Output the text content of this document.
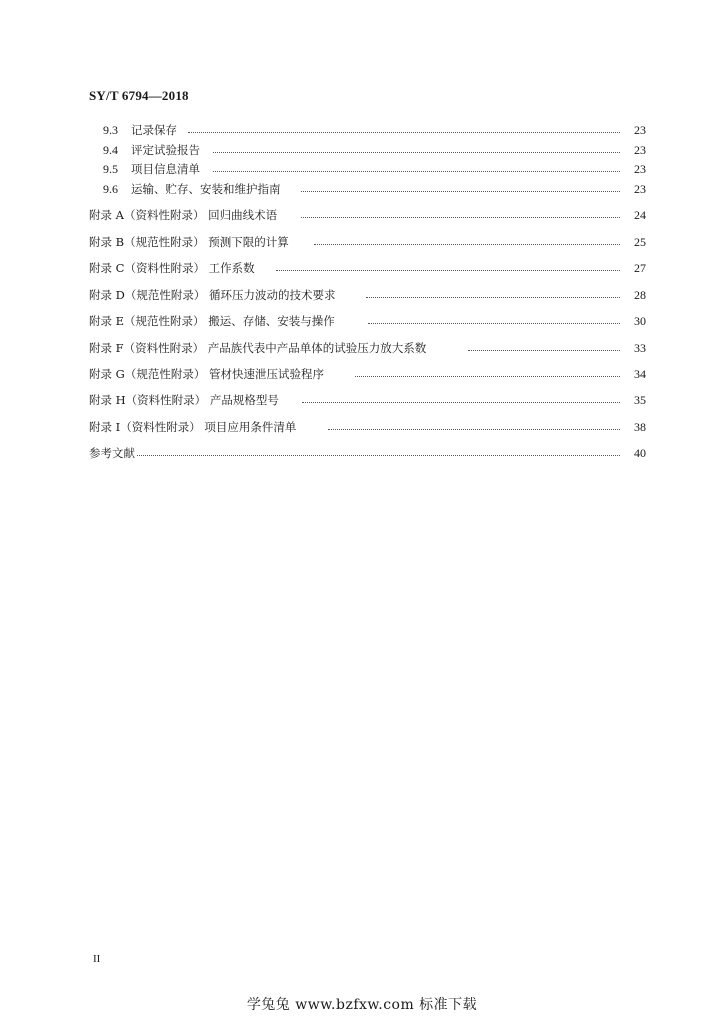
SY/T 6794—2018
9.3 记录保存	23
9.4 评定试验报告	23
9.5 项目信息清单	23
9.6 运输、贮存、安装和维护指南	23
附录 A（资料性附录） 回归曲线术语	24
附录 B（规范性附录） 预测下限的计算	25
附录 C（资料性附录） 工作系数	27
附录 D（规范性附录） 循环压力波动的技术要求	28
附录 E（规范性附录） 搬运、存储、安装与操作	30
附录 F（资料性附录） 产品族代表中产品单体的试验压力放大系数	33
附录 G（规范性附录） 管材快速泄压试验程序	34
附录 H（资料性附录） 产品规格型号	35
附录 I（资料性附录） 项目应用条件清单	38
参考文献	40
II
学兔兔 www.bzfxw.com 标准下载
